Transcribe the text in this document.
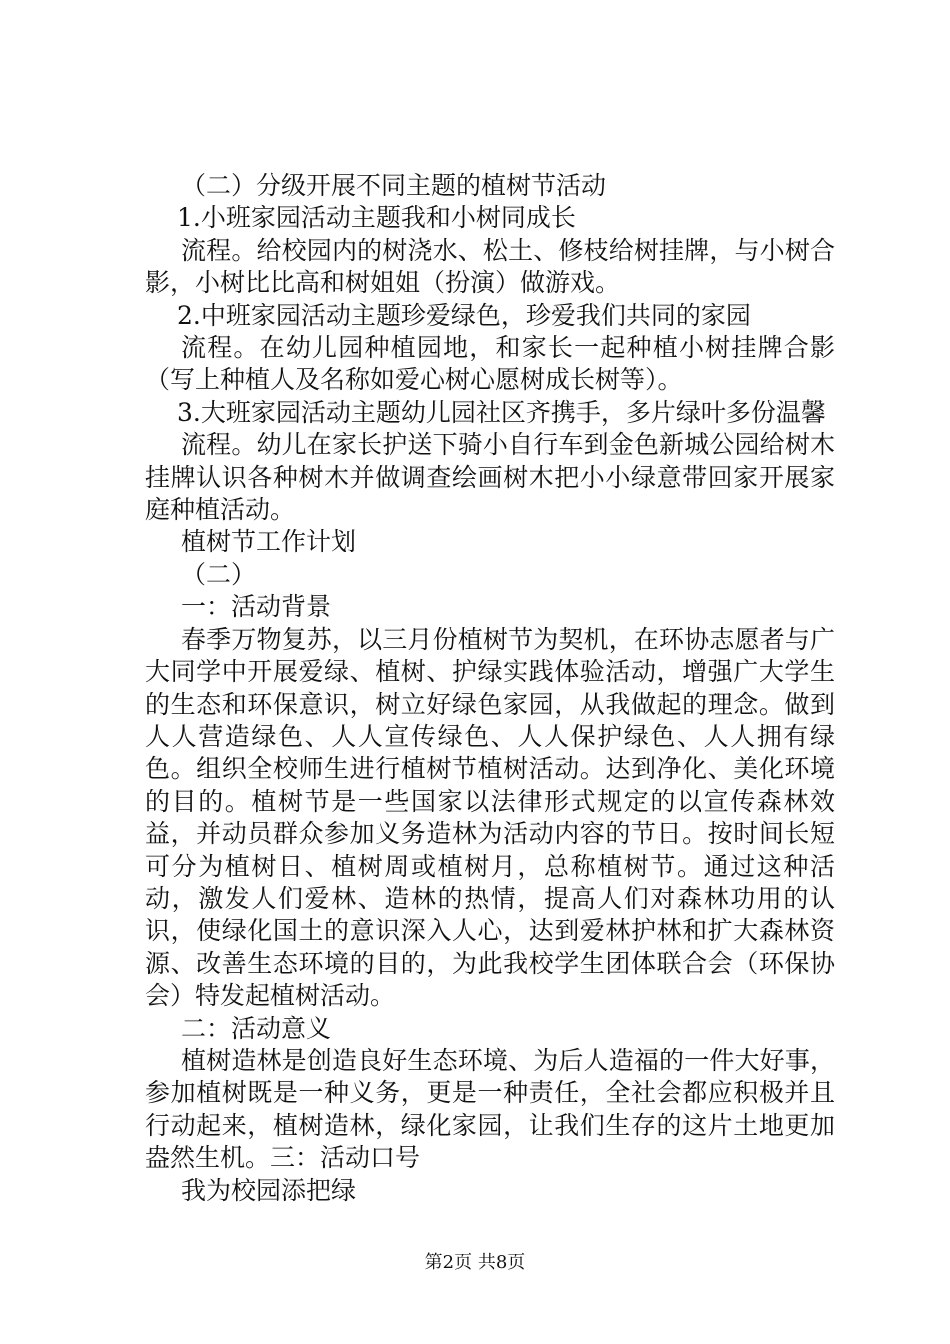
（二）分级开展不同主题的植树节活动

1.小班家园活动主题我和小树同成长

流程。给校园内的树浇水、松土、修枝给树挂牌，与小树合影，小树比比高和树姐姐（扮演）做游戏。

2.中班家园活动主题珍爱绿色，珍爱我们共同的家园

流程。在幼儿园种植园地，和家长一起种植小树挂牌合影（写上种植人及名称如爱心树心愿树成长树等）。

3.大班家园活动主题幼儿园社区齐携手，多片绿叶多份温馨

流程。幼儿在家长护送下骑小自行车到金色新城公园给树木挂牌认识各种树木并做调查绘画树木把小小绿意带回家开展家庭种植活动。

植树节工作计划

（二）

一：活动背景

春季万物复苏，以三月份植树节为契机，在环协志愿者与广大同学中开展爱绿、植树、护绿实践体验活动，增强广大学生的生态和环保意识，树立好绿色家园，从我做起的理念。做到人人营造绿色、人人宣传绿色、人人保护绿色、人人拥有绿色。组织全校师生进行植树节植树活动。达到净化、美化环境的目的。植树节是一些国家以法律形式规定的以宣传森林效益，并动员群众参加义务造林为活动内容的节日。按时间长短可分为植树日、植树周或植树月，总称植树节。通过这种活动，激发人们爱林、造林的热情，提高人们对森林功用的认识，使绿化国土的意识深入人心，达到爱林护林和扩大森林资源、改善生态环境的目的，为此我校学生团体联合会（环保协会）特发起植树活动。

二：活动意义

植树造林是创造良好生态环境、为后人造福的一件大好事，参加植树既是一种义务，更是一种责任，全社会都应积极并且行动起来，植树造林，绿化家园，让我们生存的这片土地更加盎然生机。三：活动口号

我为校园添把绿

第2页 共8页
